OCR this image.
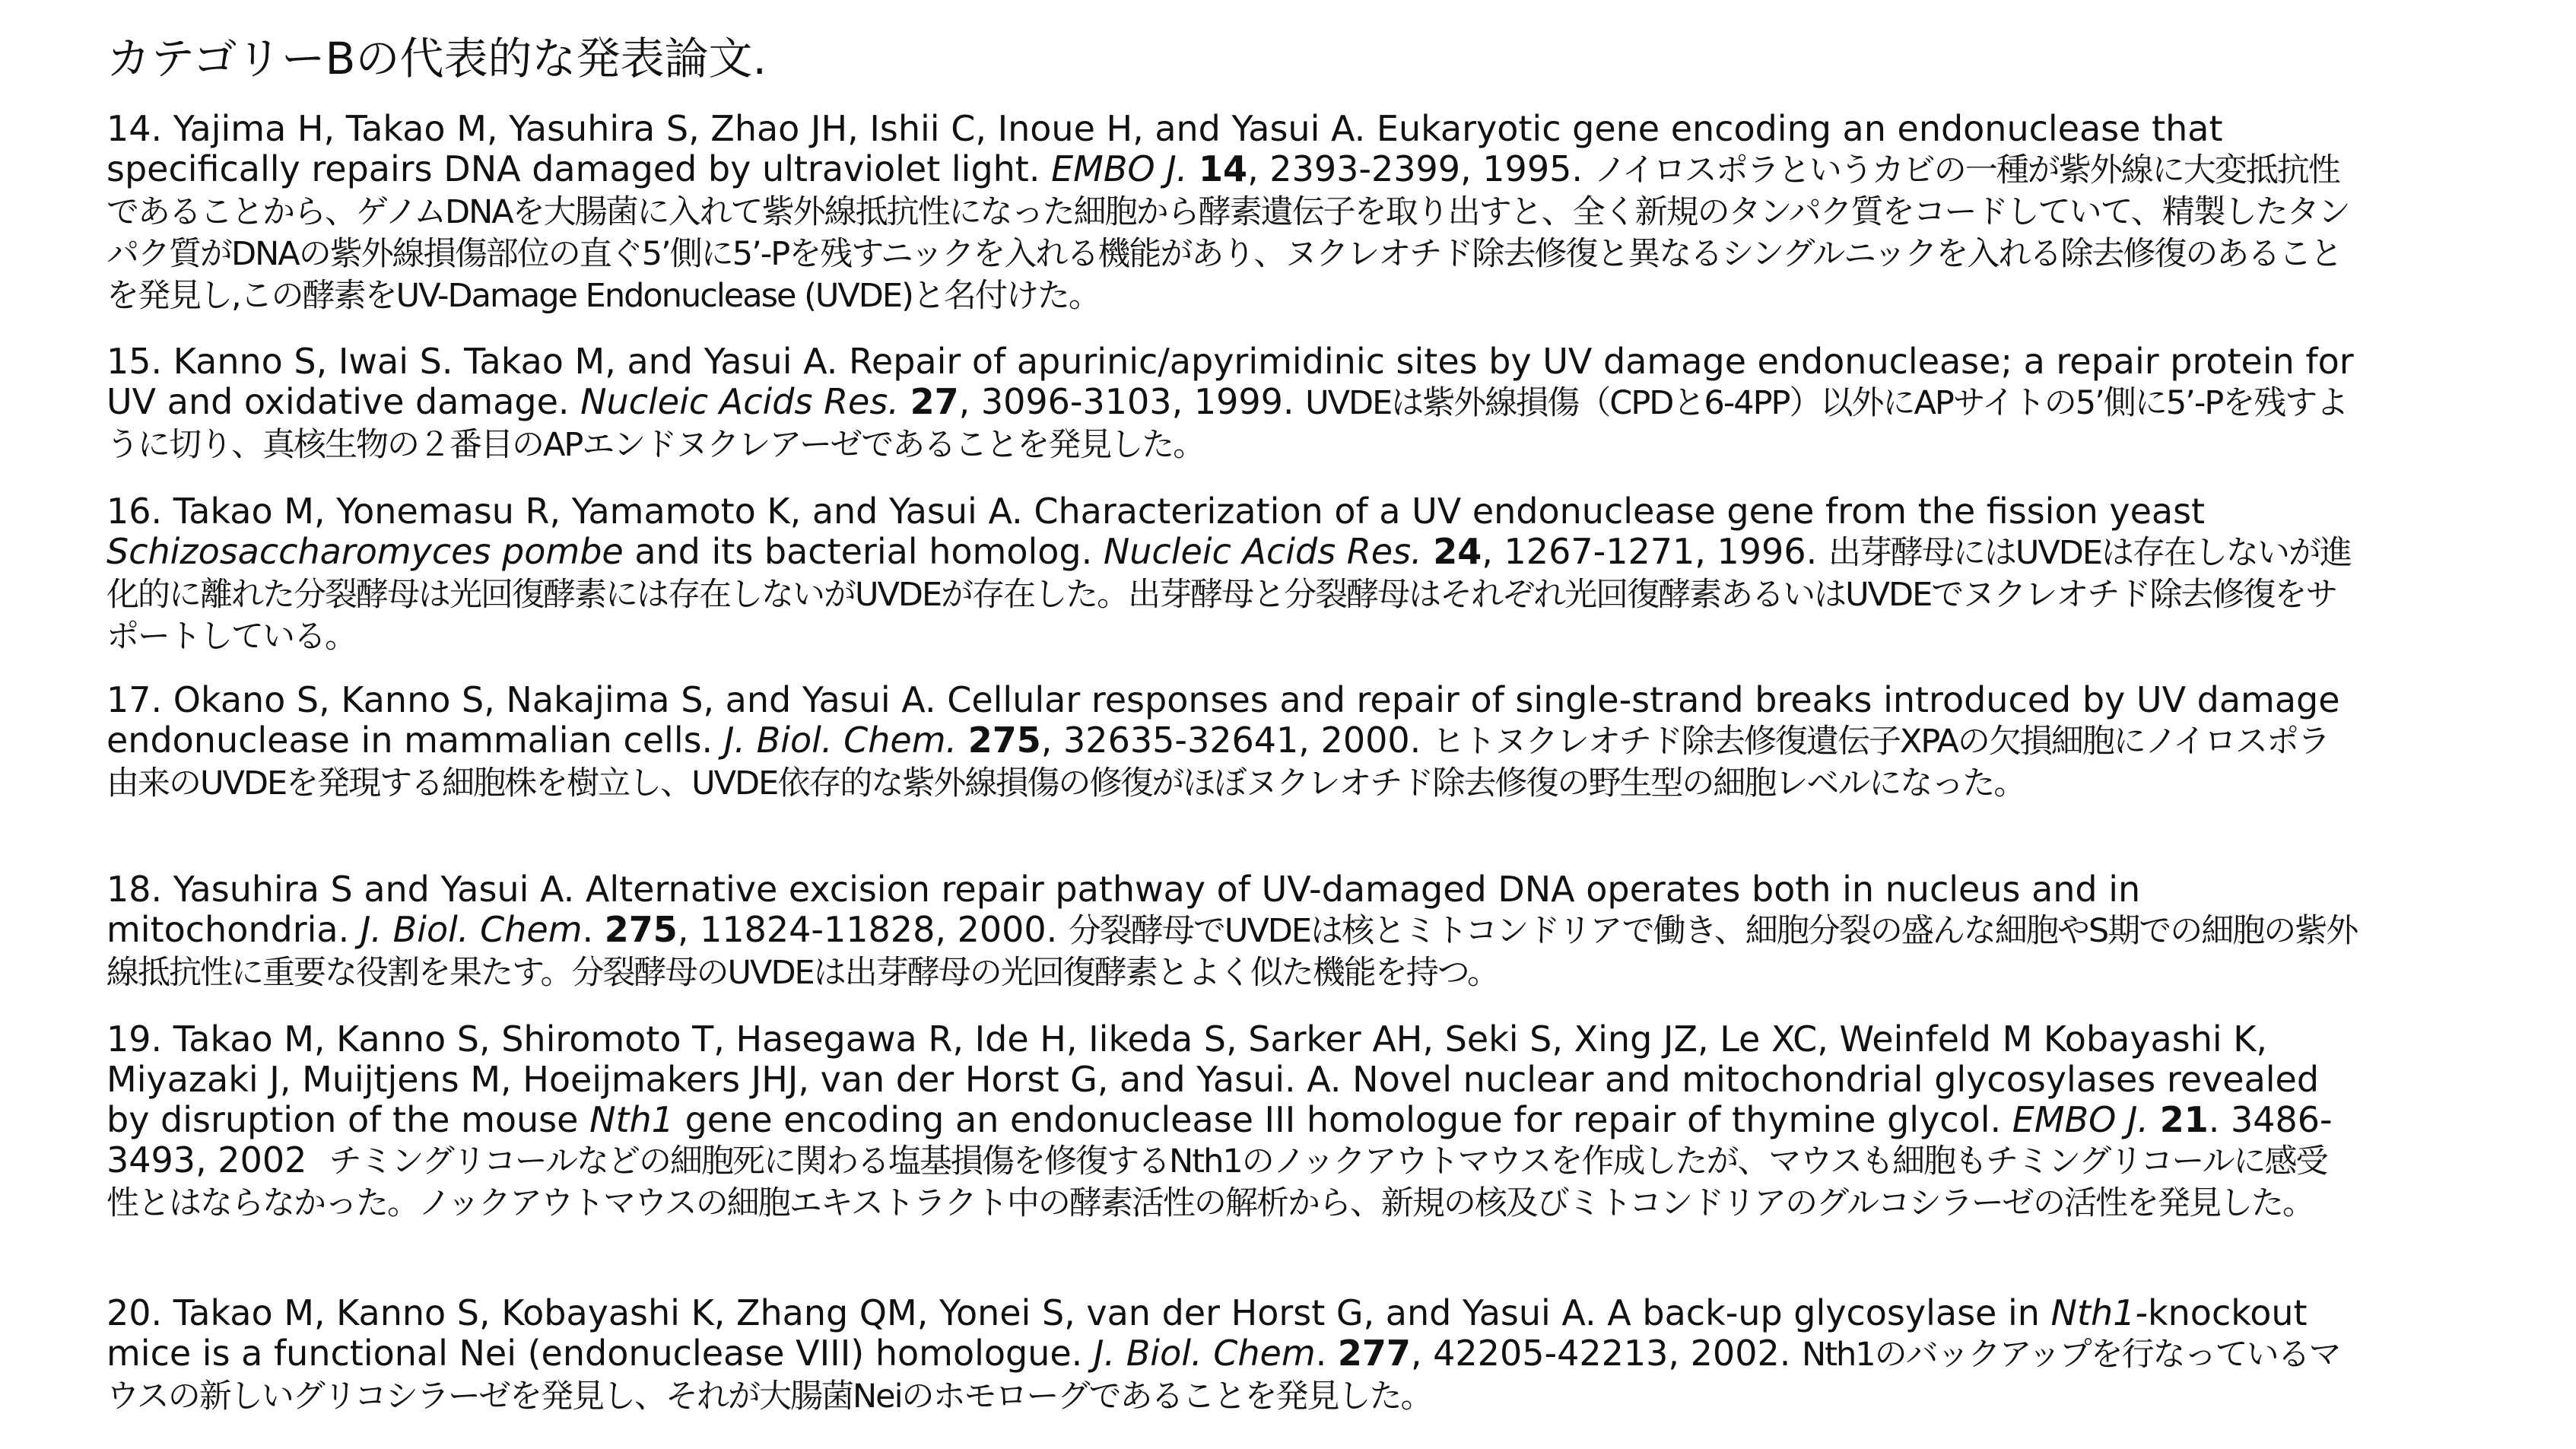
カテゴリーBの代表的な発表論文.

14. Yajima H, Takao M, Yasuhira S, Zhao JH, Ishii C, Inoue H, and Yasui A. Eukaryotic gene encoding an endonuclease that specifically repairs DNA damaged by ultraviolet light. EMBO J. 14, 2393-2399, 1995. ノイロスポラというカビの一種が紫外線に大変抵抗性であることから、ゲノムDNAを大腸菌に入れて紫外線抵抗性になった細胞から酵素遺伝子を取り出すと、全く新規のタンパク質をコードしていて、精製したタンパク質がDNAの紫外線損傷部位の直ぐ5’側に5’-Pを残すニックを入れる機能があり、ヌクレオチド除去修復と異なるシングルニックを入れる除去修復のあることを発見し,この酵素をUV-Damage Endonuclease (UVDE)と名付けた。

15. Kanno S, Iwai S. Takao M, and Yasui A. Repair of apurinic/apyrimidinic sites by UV damage endonuclease; a repair protein for UV and oxidative damage. Nucleic Acids Res. 27, 3096-3103, 1999. UVDEは紫外線損傷（CPDと6-4PP）以外にAPサイトの5’側に5’-Pを残すように切り、真核生物の２番目のAPエンドヌクレアーゼであることを発見した。

16. Takao M, Yonemasu R, Yamamoto K, and Yasui A. Characterization of a UV endonuclease gene from the fission yeast Schizosaccharomyces pombe and its bacterial homolog. Nucleic Acids Res. 24, 1267-1271, 1996. 出芽酵母にはUVDEは存在しないが進化的に離れた分裂酵母は光回復酵素には存在しないがUVDEが存在した。出芽酵母と分裂酵母はそれぞれ光回復酵素あるいはUVDEでヌクレオチド除去修復をサポートしている。

17. Okano S, Kanno S, Nakajima S, and Yasui A. Cellular responses and repair of single-strand breaks introduced by UV damage endonuclease in mammalian cells. J. Biol. Chem. 275, 32635-32641, 2000. ヒトヌクレオチド除去修復遺伝子XPAの欠損細胞にノイロスポラ由来のUVDEを発現する細胞株を樹立し、UVDE依存的な紫外線損傷の修復がほぼヌクレオチド除去修復の野生型の細胞レベルになった。

18. Yasuhira S and Yasui A. Alternative excision repair pathway of UV-damaged DNA operates both in nucleus and in mitochondria. J. Biol. Chem. 275, 11824-11828, 2000. 分裂酵母でUVDEは核とミトコンドリアで働き、細胞分裂の盛んな細胞やS期での細胞の紫外線抵抗性に重要な役割を果たす。分裂酵母のUVDEは出芽酵母の光回復酵素とよく似た機能を持つ。

19. Takao M, Kanno S, Shiromoto T, Hasegawa R, Ide H, Iikeda S, Sarker AH, Seki S, Xing JZ, Le XC, Weinfeld M Kobayashi K, Miyazaki J, Muijtjens M, Hoeijmakers JHJ, van der Horst G, and Yasui. A. Novel nuclear and mitochondrial glycosylases revealed by disruption of the mouse Nth1 gene encoding an endonuclease III homologue for repair of thymine glycol. EMBO J. 21. 3486-3493, 2002 チミングリコールなどの細胞死に関わる塩基損傷を修復するNth1のノックアウトマウスを作成したが、マウスも細胞もチミングリコールに感受性とはならなかった。ノックアウトマウスの細胞エキストラクト中の酵素活性の解析から、新規の核及びミトコンドリアのグルコシラーゼの活性を発見した。

20. Takao M, Kanno S, Kobayashi K, Zhang QM, Yonei S, van der Horst G, and Yasui A. A back-up glycosylase in Nth1-knockout mice is a functional Nei (endonuclease VIII) homologue. J. Biol. Chem. 277, 42205-42213, 2002. Nth1のバックアップを行なっているマウスの新しいグリコシラーゼを発見し、それが大腸菌Neiのホモローグであることを発見した。
